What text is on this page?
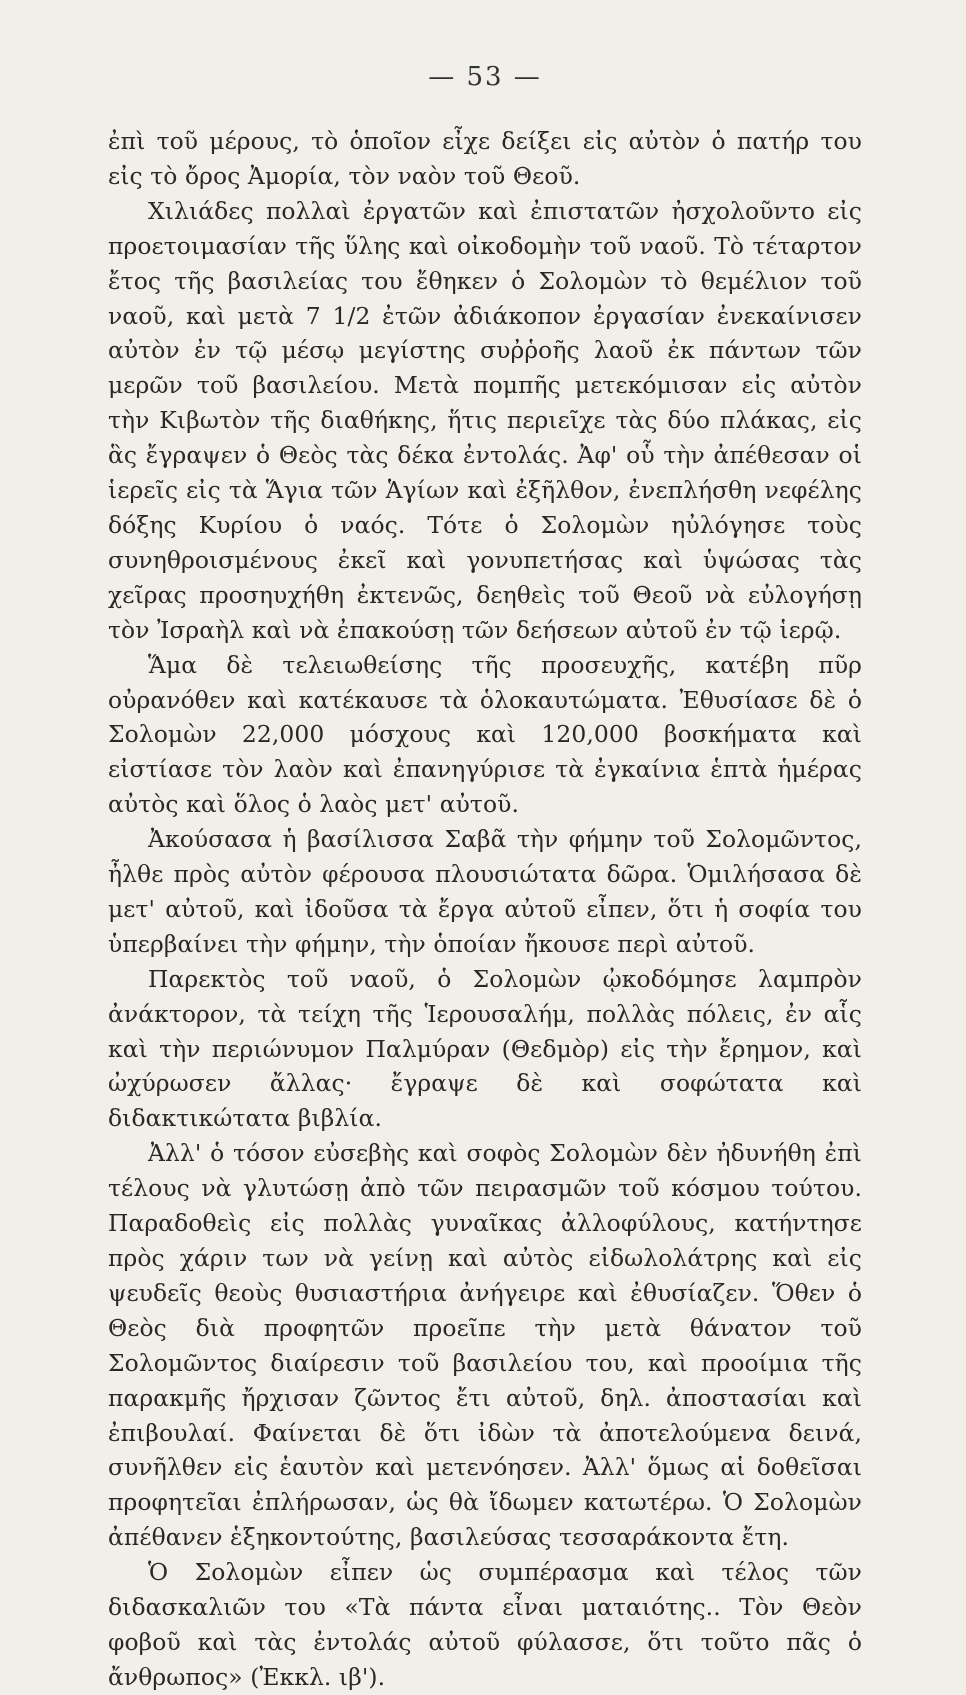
— 53 —

ἐπὶ τοῦ μέρους, τὸ ὁποῖον εἶχε δείξει εἰς αὐτὸν ὁ πατήρ του εἰς τὸ ὄρος Ἀμορία, τὸν ναὸν τοῦ Θεοῦ.

Χιλιάδες πολλαὶ ἐργατῶν καὶ ἐπιστατῶν ἠσχολοῦντο εἰς προετοιμασίαν τῆς ὕλης καὶ οἰκοδομὴν τοῦ ναοῦ. Τὸ τέταρτον ἔτος τῆς βασιλείας του ἔθηκεν ὁ Σολομὼν τὸ θεμέλιον τοῦ ναοῦ, καὶ μετὰ 7 1/2 ἐτῶν ἀδιάκοπον ἐργασίαν ἐνεκαίνισεν αὐτὸν ἐν τῷ μέσῳ μεγίστης συῤῥοῆς λαοῦ ἐκ πάντων τῶν μερῶν τοῦ βασιλείου. Μετὰ πομπῆς μετεκόμισαν εἰς αὐτὸν τὴν Κιβωτὸν τῆς διαθήκης, ἥτις περιεῖχε τὰς δύο πλάκας, εἰς ἃς ἔγραψεν ὁ Θεὸς τὰς δέκα ἐντολάς. Ἀφ' οὗ τὴν ἀπέθεσαν οἱ ἱερεῖς εἰς τὰ Ἅγια τῶν Ἁγίων καὶ ἐξῆλθον, ἐνεπλήσθη νεφέλης δόξης Κυρίου ὁ ναός. Τότε ὁ Σολομὼν ηὐλόγησε τοὺς συνηθροισμένους ἐκεῖ καὶ γονυπετήσας καὶ ὑψώσας τὰς χεῖρας προσηυχήθη ἐκτενῶς, δεηθεὶς τοῦ Θεοῦ νὰ εὐλογήσῃ τὸν Ἰσραὴλ καὶ νὰ ἐπακούσῃ τῶν δεήσεων αὐτοῦ ἐν τῷ ἱερῷ.

Ἅμα δὲ τελειωθείσης τῆς προσευχῆς, κατέβη πῦρ οὐρανόθεν καὶ κατέκαυσε τὰ ὁλοκαυτώματα. Ἐθυσίασε δὲ ὁ Σολομὼν 22,000 μόσχους καὶ 120,000 βοσκήματα καὶ εἰστίασε τὸν λαὸν καὶ ἐπανηγύρισε τὰ ἐγκαίνια ἑπτὰ ἡμέρας αὐτὸς καὶ ὅλος ὁ λαὸς μετ' αὐτοῦ.

Ἀκούσασα ἡ βασίλισσα Σαβᾶ τὴν φήμην τοῦ Σολομῶντος, ἦλθε πρὸς αὐτὸν φέρουσα πλουσιώτατα δῶρα. Ὁμιλήσασα δὲ μετ' αὐτοῦ, καὶ ἰδοῦσα τὰ ἔργα αὐτοῦ εἶπεν, ὅτι ἡ σοφία του ὑπερβαίνει τὴν φήμην, τὴν ὁποίαν ἤκουσε περὶ αὐτοῦ.

Παρεκτὸς τοῦ ναοῦ, ὁ Σολομὼν ᾠκοδόμησε λαμπρὸν ἀνάκτορον, τὰ τείχη τῆς Ἱερουσαλήμ, πολλὰς πόλεις, ἐν αἷς καὶ τὴν περιώνυμον Παλμύραν (Θεδμὸρ) εἰς τὴν ἔρημον, καὶ ὠχύρωσεν ἄλλας· ἔγραψε δὲ καὶ σοφώτατα καὶ διδακτικώτατα βιβλία.

Ἀλλ' ὁ τόσον εὐσεβὴς καὶ σοφὸς Σολομὼν δὲν ἠδυνήθη ἐπὶ τέλους νὰ γλυτώσῃ ἀπὸ τῶν πειρασμῶν τοῦ κόσμου τούτου. Παραδοθεὶς εἰς πολλὰς γυναῖκας ἀλλοφύλους, κατήντησε πρὸς χάριν των νὰ γείνῃ καὶ αὐτὸς εἰδωλολάτρης καὶ εἰς ψευδεῖς θεοὺς θυσιαστήρια ἀνήγειρε καὶ ἐθυσίαζεν. Ὅθεν ὁ Θεὸς διὰ προφητῶν προεῖπε τὴν μετὰ θάνατον τοῦ Σολομῶντος διαίρεσιν τοῦ βασιλείου του, καὶ προοίμια τῆς παρακμῆς ἤρχισαν ζῶντος ἔτι αὐτοῦ, δηλ. ἀποστασίαι καὶ ἐπιβουλαί. Φαίνεται δὲ ὅτι ἰδὼν τὰ ἀποτελούμενα δεινά, συνῆλθεν εἰς ἑαυτὸν καὶ μετενόησεν. Ἀλλ' ὅμως αἱ δοθεῖσαι προφητεῖαι ἐπλήρωσαν, ὡς θὰ ἴδωμεν κατωτέρω. Ὁ Σολομὼν ἀπέθανεν ἑξηκοντούτης, βασιλεύσας τεσσαράκοντα ἔτη.

Ὁ Σολομὼν εἶπεν ὡς συμπέρασμα καὶ τέλος τῶν διδασκαλιῶν του «Τὰ πάντα εἶναι ματαιότης.. Τὸν Θεὸν φοβοῦ καὶ τὰς ἐντολάς αὐτοῦ φύλασσε, ὅτι τοῦτο πᾶς ὁ ἄνθρωπος» (Ἐκκλ. ιβ').
